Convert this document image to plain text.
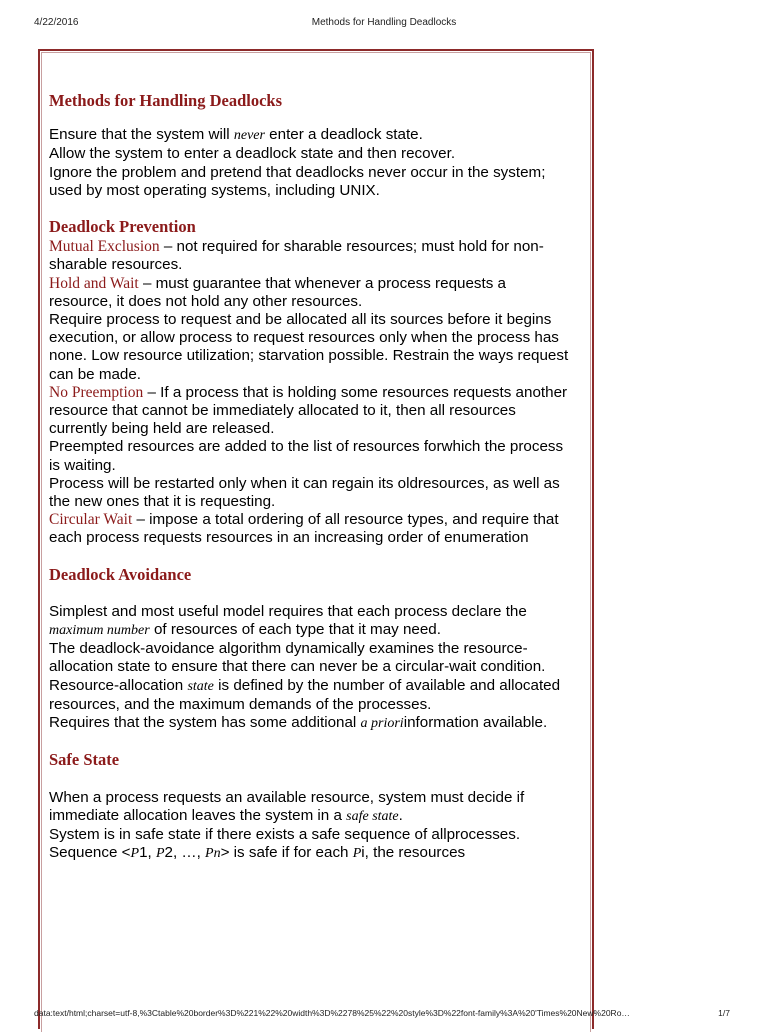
4/22/2016	Methods for Handling Deadlocks
Methods for Handling Deadlocks

Ensure that the system will never enter a deadlock state.

Allow the system to enter a deadlock state and then recover.

Ignore the problem and pretend that deadlocks never occur in the system; used by most operating systems, including UNIX.

Deadlock Prevention

Mutual Exclusion – not required for sharable resources; must hold for non-sharable resources.

Hold and Wait – must guarantee that whenever a process requests a resource, it does not hold any other resources.

Require process to request and be allocated all its sources before it begins execution, or allow process to request resources only when the process has none. Low resource utilization; starvation possible. Restrain the ways request can be made.

No Preemption – If a process that is holding some resources requests another resource that cannot be immediately allocated to it, then all resources currently being held are released.

Preempted resources are added to the list of resources forwhich the process is waiting.

Process will be restarted only when it can regain its oldresources, as well as the new ones that it is requesting.

Circular Wait – impose a total ordering of all resource types, and require that each process requests resources in an increasing order of enumeration

Deadlock Avoidance

Simplest and most useful model requires that each process declare the maximum number of resources of each type that it may need.

The deadlock-avoidance algorithm dynamically examines the resource-allocation state to ensure that there can never be a circular-wait condition.

Resource-allocation state is defined by the number of available and allocated resources, and the maximum demands of the processes.

Requires that the system has some additional a prioriinformation available.

Safe State

When a process requests an available resource, system must decide if immediate allocation leaves the system in a safe state.

System is in safe state if there exists a safe sequence of allprocesses.

Sequence <P1, P2, …, Pn> is safe if for each Pi, the resources

data:text/html;charset=utf-8,%3Ctable%20border%3D%221%22%20width%3D%2278%25%22%20style%3D%22font-family%3A%20'Times%20New%20Ro…	1/7
